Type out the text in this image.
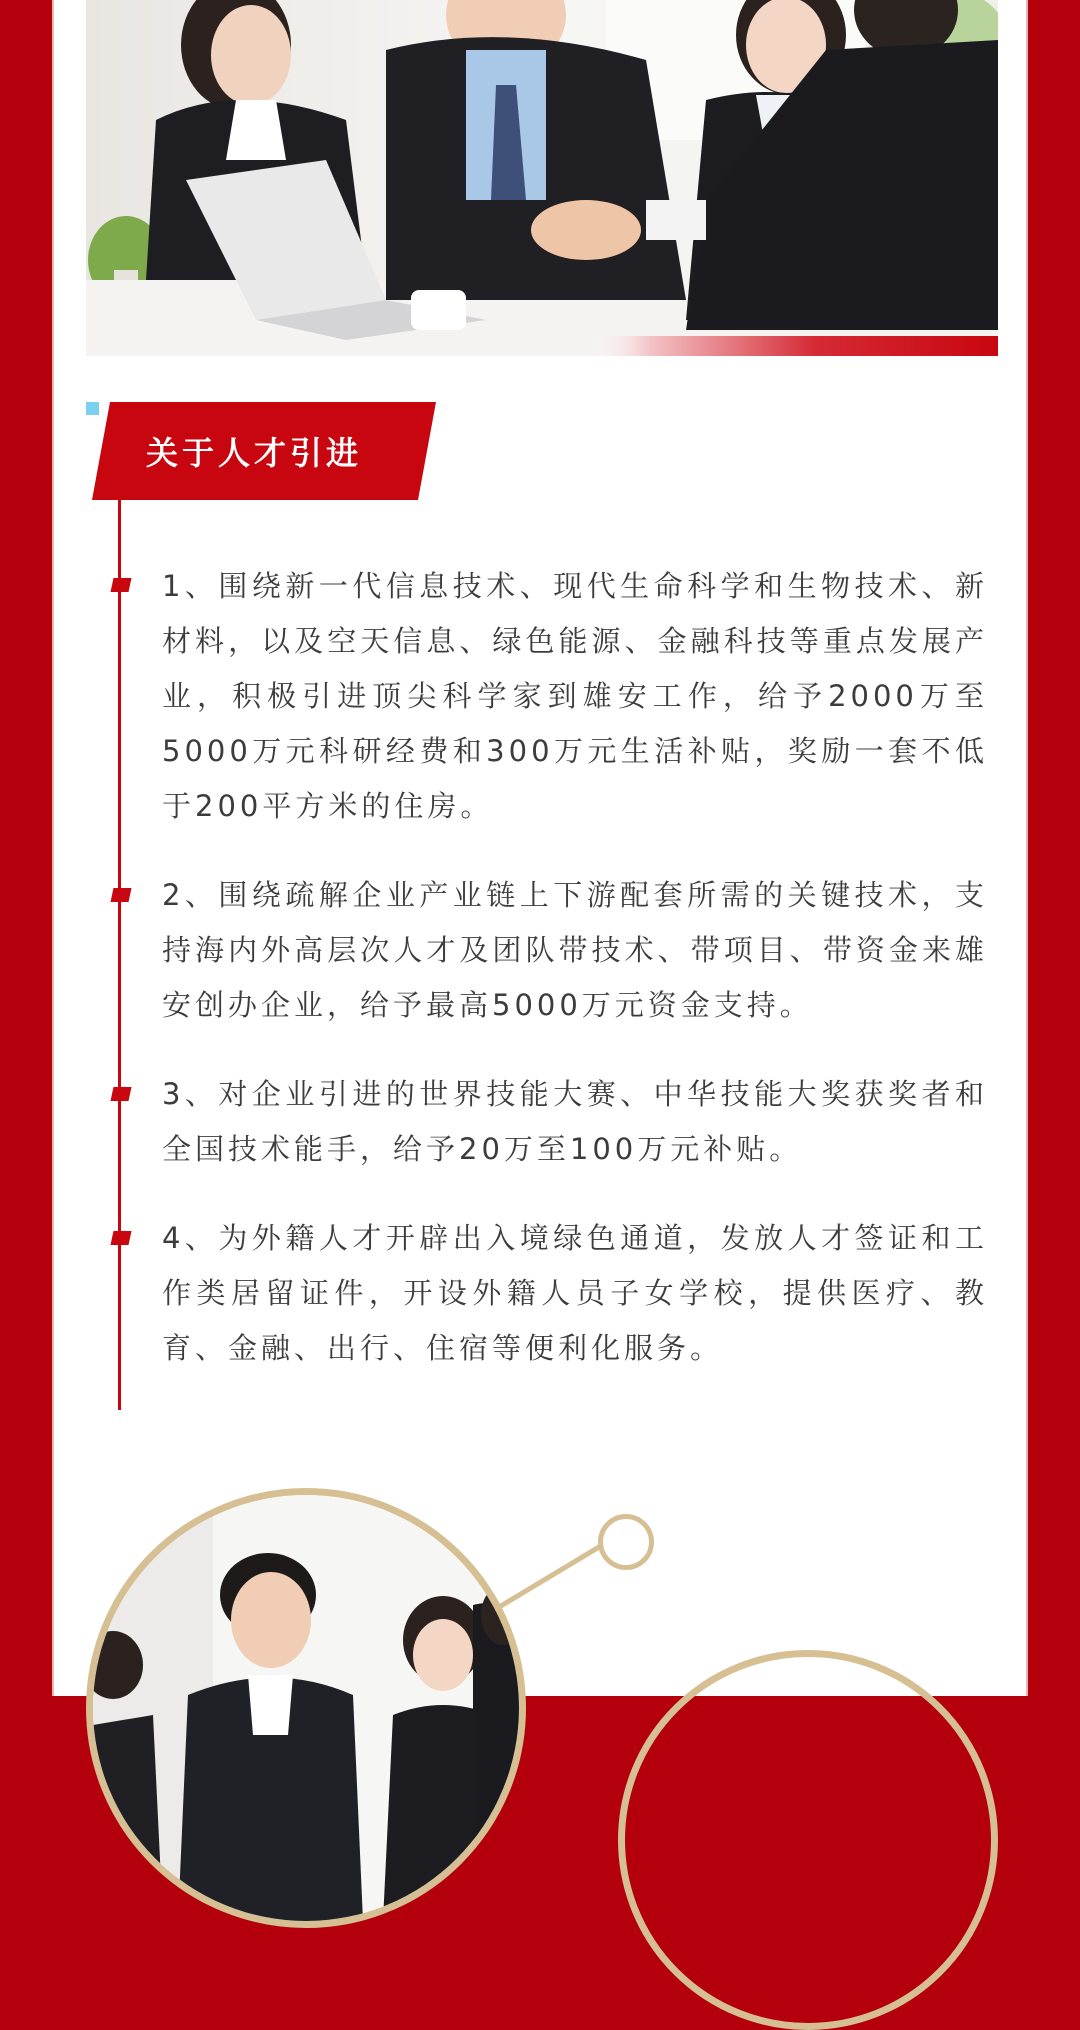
关于人才引进

1、围绕新一代信息技术、现代生命科学和生物技术、新材料，以及空天信息、绿色能源、金融科技等重点发展产业，积极引进顶尖科学家到雄安工作，给予2000万至5000万元科研经费和300万元生活补贴，奖励一套不低于200平方米的住房。

2、围绕疏解企业产业链上下游配套所需的关键技术，支持海内外高层次人才及团队带技术、带项目、带资金来雄安创办企业，给予最高5000万元资金支持。

3、对企业引进的世界技能大赛、中华技能大奖获奖者和全国技术能手，给予20万至100万元补贴。

4、为外籍人才开辟出入境绿色通道，发放人才签证和工作类居留证件，开设外籍人员子女学校，提供医疗、教育、金融、出行、住宿等便利化服务。
